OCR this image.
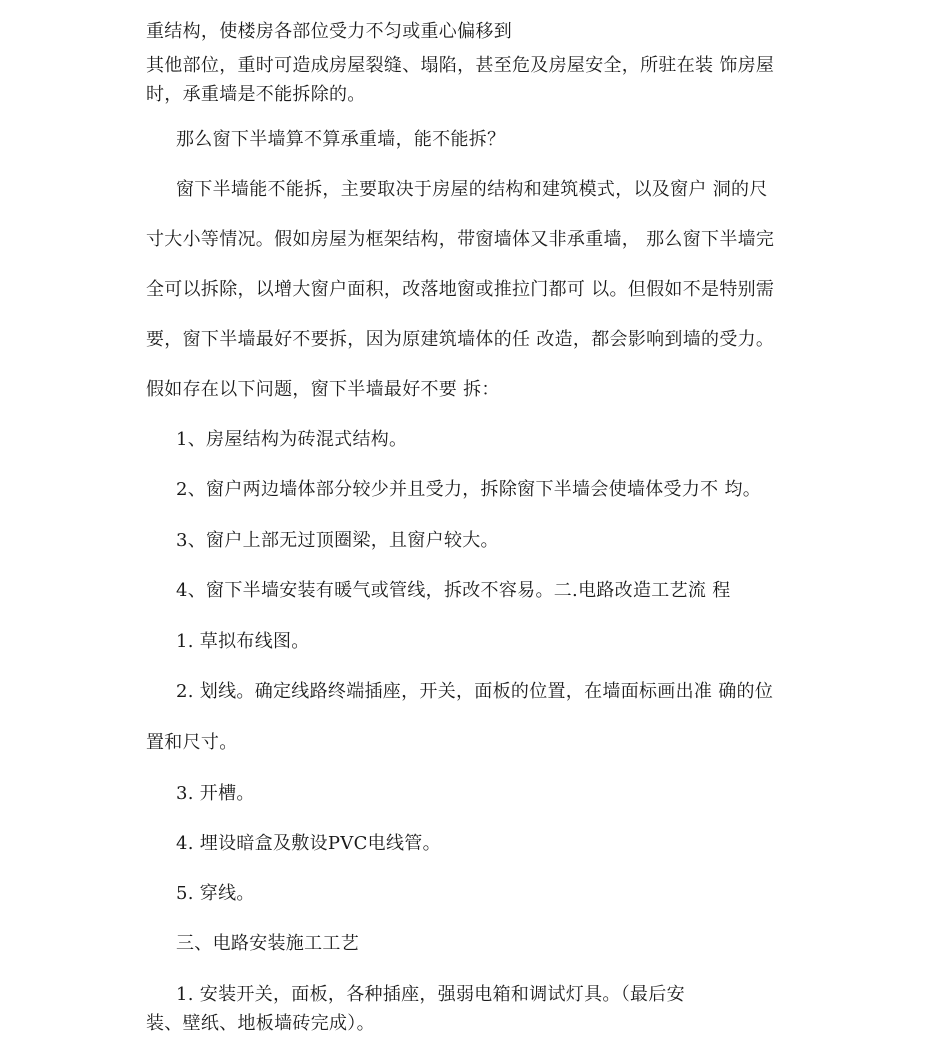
重结构，使楼房各部位受力不匀或重心偏移到
其他部位，重时可造成房屋裂缝、塌陷，甚至危及房屋安全，所驻在装 饰房屋
时，承重墙是不能拆除的。
那么窗下半墙算不算承重墙，能不能拆？
窗下半墙能不能拆，主要取决于房屋的结构和建筑模式，以及窗户 洞的尺
寸大小等情况。假如房屋为框架结构，带窗墙体又非承重墙， 那么窗下半墙完
全可以拆除，以增大窗户面积，改落地窗或推拉门都可 以。但假如不是特别需
要，窗下半墙最好不要拆，因为原建筑墙体的任 改造，都会影响到墙的受力。
假如存在以下问题，窗下半墙最好不要 拆：
1、房屋结构为砖混式结构。
2、窗户两边墙体部分较少并且受力，拆除窗下半墙会使墙体受力不 均。
3、窗户上部无过顶圈梁，且窗户较大。
4、窗下半墙安装有暖气或管线，拆改不容易。二.电路改造工艺流 程
1. 草拟布线图。
2. 划线。确定线路终端插座，开关，面板的位置，在墙面标画出准 确的位
置和尺寸。
3. 开槽。
4. 埋设暗盒及敷设PVC电线管。
5. 穿线。
三、电路安装施工工艺
1. 安装开关，面板，各种插座，强弱电箱和调试灯具。（最后安
装、壁纸、地板墙砖完成）。
